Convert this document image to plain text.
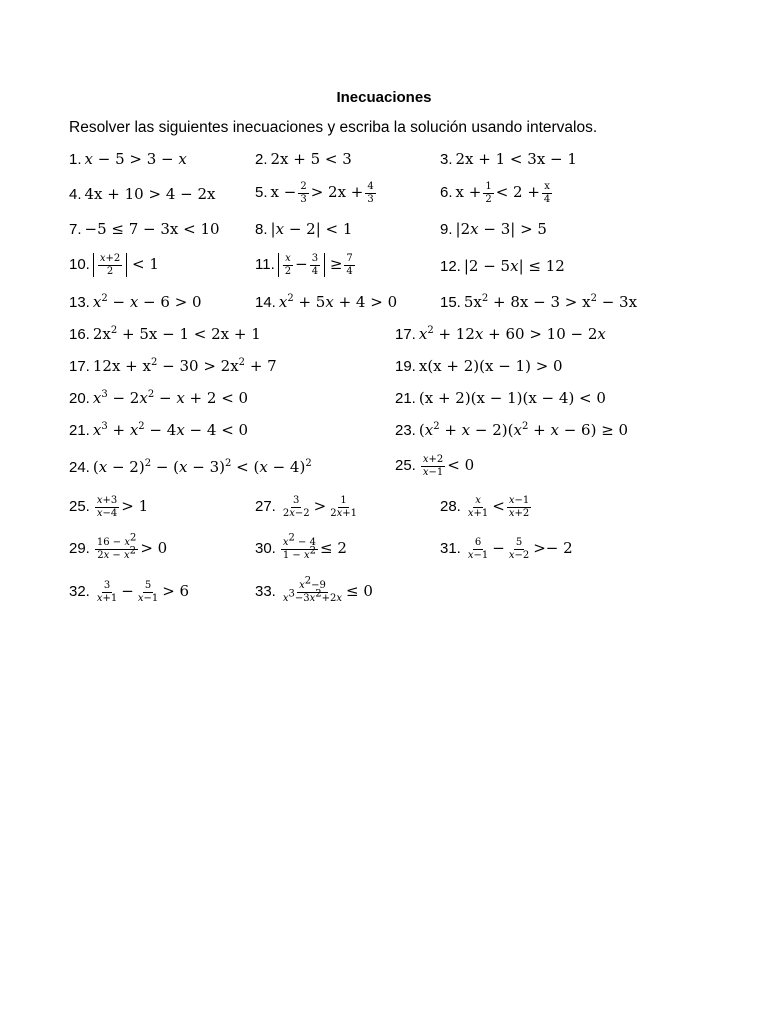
Inecuaciones
Resolver las siguientes inecuaciones y escriba la solución usando intervalos.
1. x − 5 > 3 − x	2. 2x + 5 < 3	3. 2x + 1 < 3x − 1
4. 4x + 10 > 4 − 2x	5. $x - \frac{2}{3} > 2x + \frac{4}{3}$	6. $x + \frac{1}{2} < 2 + \frac{x}{4}$
7. −5 ≤ 7 − 3x < 10 8. |x − 2| < 1	9. |2x − 3| > 5
10. $\frac{x+2}{2} < 1$	11. $\frac{x}{2} - \frac{3}{4} \ge \frac{7}{4}$	12. |2 − 5x| ≤ 12
13. $x^2 - x - 6 > 0$	14. $x^2 + 5x + 4 > 0$	15. $5x^2 + 8x - 3 > x^2 - 3x$
16. $2x^2 + 5x - 1 < 2x + 1$	17. $x^2 + 12x + 60 > 10 - 2x$
17. $12x + x^2 - 30 > 2x^2 + 7$	19. x(x + 2)(x − 1) > 0
20. $x^3 - 2x^2 - x + 2 < 0$	21. (x + 2)(x − 1)(x − 4) < 0
21. $x^3 + x^2 - 4x - 4 < 0$	23. $(x^2 + x - 2)(x^2 + x - 6) \ge 0$
24. $(x - 2)^2 - (x - 3)^2 < (x - 4)^2$	25. $\frac{x+2}{x-1} < 0$
25. $\frac{x+3}{x-4} > 1$	27. $\frac{3}{2x-2} > \frac{1}{2x+1}$	28. $\frac{x}{x+1} < \frac{x-1}{x+2}$
29. $\frac{16 - x^2}{2x - x^2} > 0$	30. $\frac{x^2 - 4}{1 - x^2} \le 2$	31. $\frac{6}{x-1} - \frac{5}{x-2} >- 2$
32. $\frac{3}{x+1} - \frac{5}{x-1} > 6$	33. $\frac{x^2-9}{x^3-3x^2+2x} \le 0$
